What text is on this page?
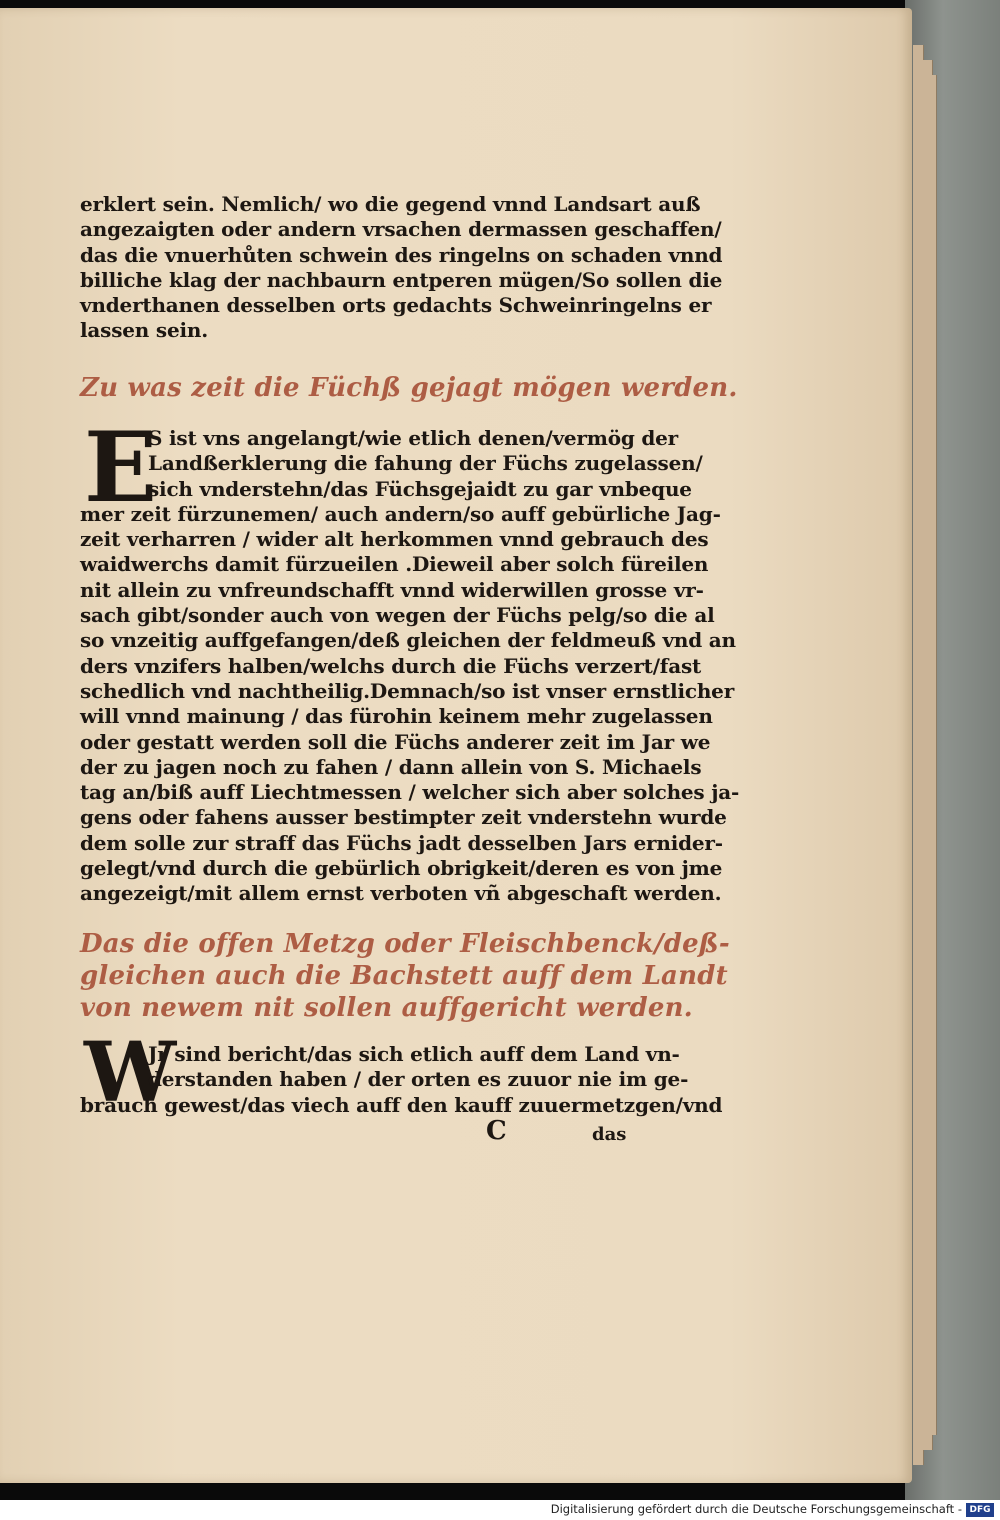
erklert sein. Nemlich/ wo die gegend vnnd Landsart auß
angezaigten oder andern vrsachen dermassen geschaffen/
das die vnuerhůten schwein des ringelns on schaden vnnd
billiche klag der nachbaurn entperen mügen/So sollen die
vnderthanen desselben orts gedachts Schweinringelns er
lassen sein.
Zu was zeit die Füchß gejagt mögen werden.
E
S ist vns angelangt/wie etlich denen/vermög der
Landßerklerung die fahung der Füchs zugelassen/
sich vnderstehn/das Füchsgejaidt zu gar vnbeque
mer zeit fürzunemen/ auch andern/so auff gebürliche Jag-
zeit verharren / wider alt herkommen vnnd gebrauch des
waidwerchs damit fürzueilen .Dieweil aber solch füreilen
nit allein zu vnfreundschafft vnnd widerwillen grosse vr-
sach gibt/sonder auch von wegen der Füchs pelg/so die al
so vnzeitig auffgefangen/deß gleichen der feldmeuß vnd an
ders vnzifers halben/welchs durch die Füchs verzert/fast
schedlich vnd nachtheilig.Demnach/so ist vnser ernstlicher
will vnnd mainung / das fürohin keinem mehr zugelassen
oder gestatt werden soll die Füchs anderer zeit im Jar we
der zu jagen noch zu fahen / dann allein von S. Michaels
tag an/biß auff Liechtmessen / welcher sich aber solches ja-
gens oder fahens ausser bestimpter zeit vnderstehn wurde
dem solle zur straff das Füchs jadt desselben Jars ernider-
gelegt/vnd durch die gebürlich obrigkeit/deren es von jme
angezeigt/mit allem ernst verboten vñ abgeschaft werden.
Das die offen Metzg oder Fleischbenck/deß-
gleichen auch die Bachstett auff dem Landt
von newem nit sollen auffgericht werden.
W
Jr sind bericht/das sich etlich auff dem Land vn-
derstanden haben / der orten es zuuor nie im ge-
brauch gewest/das viech auff den kauff zuuermetzgen/vnd
C	das
Digitalisierung gefördert durch die Deutsche Forschungsgemeinschaft - DFG
